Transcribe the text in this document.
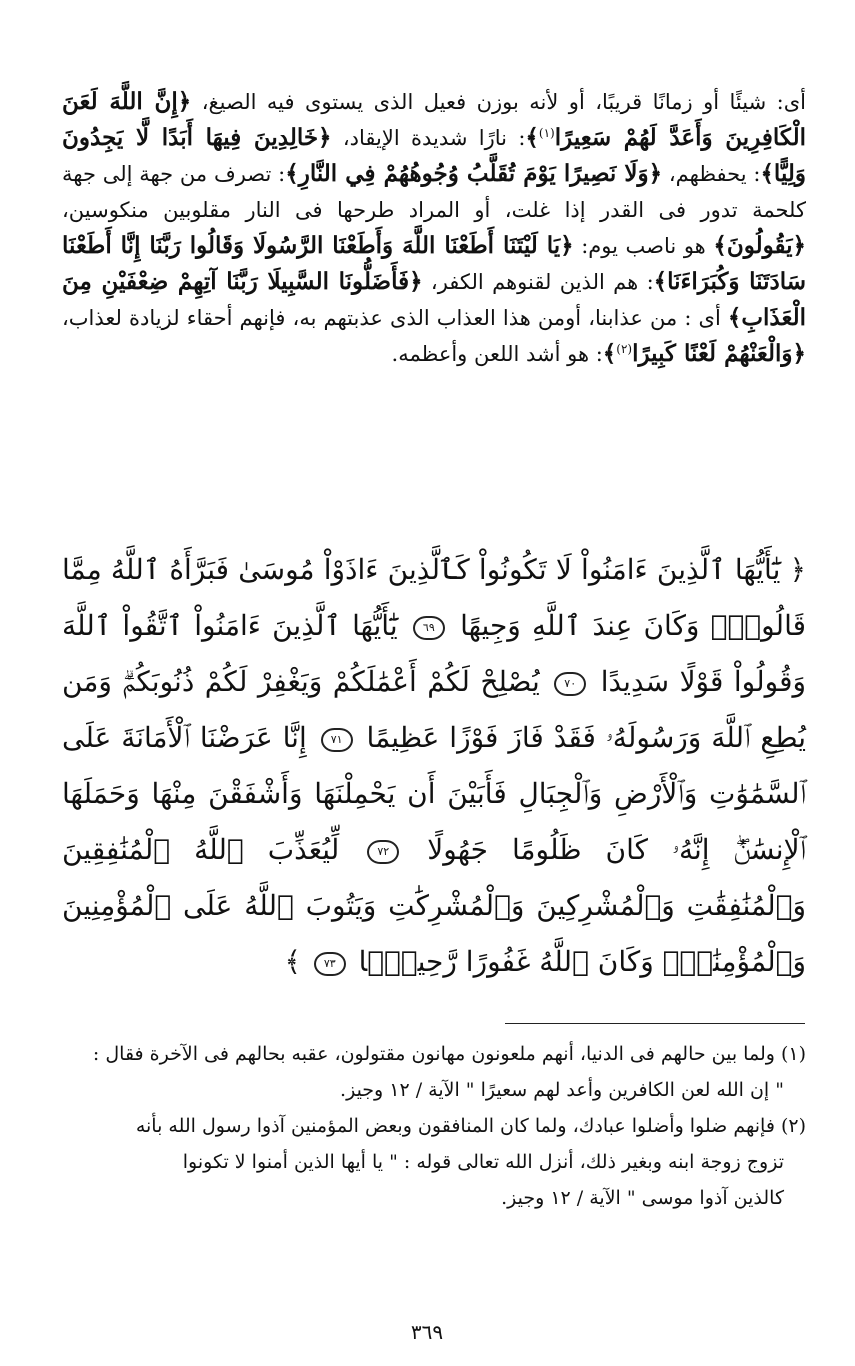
أى: شيئًا أو زمانًا قريبًا، أو لأنه بوزن فعيل الذى يستوى فيه الصيغ، ﴿إِنَّ اللَّهَ لَعَنَ الْكَافِرِينَ وَأَعَدَّ لَهُمْ سَعِيرًا$^{(١)}$﴾: نارًا شديدة الإيقاد، ﴿خَالِدِينَ فِيهَا أَبَدًا لَّا يَجِدُونَ وَلِيًّا﴾: يحفظهم، ﴿وَلَا نَصِيرًا يَوْمَ تُقَلَّبُ وُجُوهُهُمْ فِي النَّارِ﴾: تصرف من جهة إلى جهة كلحمة تدور فى القدر إذا غلت، أو المراد طرحها فى النار مقلوبين منكوسين، ﴿يَقُولُونَ﴾ هو ناصب يوم: ﴿يَا لَيْتَنَا أَطَعْنَا اللَّهَ وَأَطَعْنَا الرَّسُولَا وَقَالُوا رَبَّنَا إِنَّا أَطَعْنَا سَادَتَنَا وَكُبَرَاءَنَا﴾: هم الذين لقنوهم الكفر، ﴿فَأَضَلُّونَا السَّبِيلَا رَبَّنَا آتِهِمْ ضِعْفَيْنِ مِنَ الْعَذَابِ﴾ أى : من عذابنا، أومن هذا العذاب الذى عذبتهم به، فإنهم أحقاء لزيادة لعذاب، ﴿وَالْعَنْهُمْ لَعْنًا كَبِيرًا$^{(٢)}$﴾: هو أشد اللعن وأعظمه.
﴿ يَٰٓأَيُّهَا ٱلَّذِينَ ءَامَنُواْ لَا تَكُونُواْ كَٱلَّذِينَ ءَاذَوْاْ مُوسَىٰ فَبَرَّأَهُ ٱللَّهُ مِمَّا قَالُواْۚ وَكَانَ عِندَ ٱللَّهِ وَجِيهًا ٦٩ يَٰٓأَيُّهَا ٱلَّذِينَ ءَامَنُواْ ٱتَّقُواْ ٱللَّهَ وَقُولُواْ قَوْلًا سَدِيدًا ٧٠ يُصْلِحْ لَكُمْ أَعْمَٰلَكُمْ وَيَغْفِرْ لَكُمْ ذُنُوبَكُمْۗ وَمَن يُطِعِ ٱللَّهَ وَرَسُولَهُۥ فَقَدْ فَازَ فَوْزًا عَظِيمًا ٧١ إِنَّا عَرَضْنَا ٱلْأَمَانَةَ عَلَى ٱلسَّمَٰوَٰتِ وَٱلْأَرْضِ وَٱلْجِبَالِ فَأَبَيْنَ أَن يَحْمِلْنَهَا وَأَشْفَقْنَ مِنْهَا وَحَمَلَهَا ٱلْإِنسَٰنُۖ إِنَّهُۥ كَانَ ظَلُومًا جَهُولًا ٧٢ لِّيُعَذِّبَ ٱللَّهُ ٱلْمُنَٰفِقِينَ وَٱلْمُنَٰفِقَٰتِ وَٱلْمُشْرِكِينَ وَٱلْمُشْرِكَٰتِ وَيَتُوبَ ٱللَّهُ عَلَى ٱلْمُؤْمِنِينَ وَٱلْمُؤْمِنَٰتِۗ وَكَانَ ٱللَّهُ غَفُورًا رَّحِيمًۢا ٧٣ ﴾
(١) ولما بين حالهم فى الدنيا، أنهم ملعونون مهانون مقتولون، عقبه بحالهم فى الآخرة فقال :
" إن الله لعن الكافرين وأعد لهم سعيرًا " الآية / ١٢ وجيز.
(٢) فإنهم ضلوا وأضلوا عبادك، ولما كان المنافقون وبعض المؤمنين آذوا رسول الله بأنه
تزوج زوجة ابنه وبغير ذلك، أنزل الله تعالى قوله : " يا أيها الذين أمنوا لا تكونوا
كالذين آذوا موسى " الآية / ١٢ وجيز.
٣٦٩
